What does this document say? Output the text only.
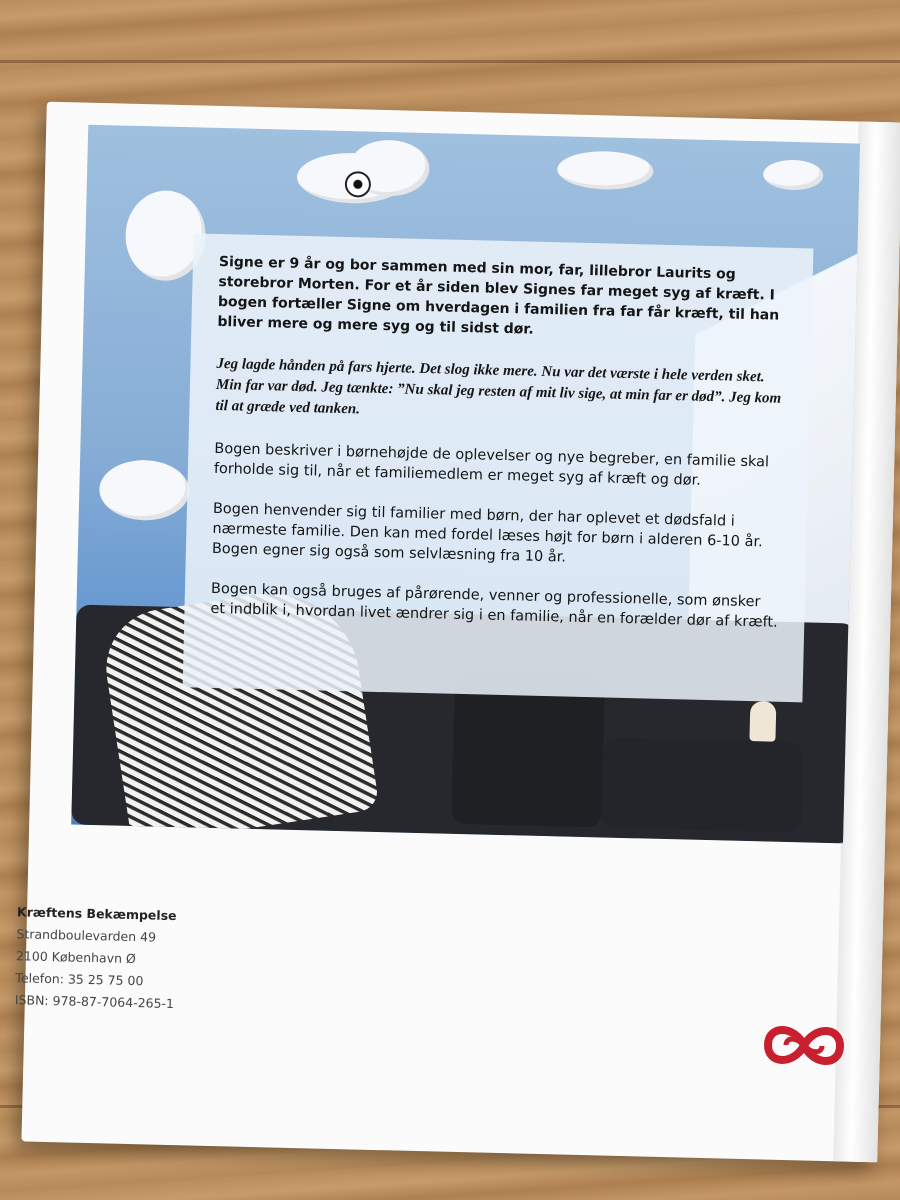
Signe er 9 år og bor sammen med sin mor, far, lillebror Laurits og storebror Morten. For et år siden blev Signes far meget syg af kræft. I bogen fortæller Signe om hverdagen i familien fra far får kræft, til han bliver mere og mere syg og til sidst dør.

Jeg lagde hånden på fars hjerte. Det slog ikke mere. Nu var det værste i hele verden sket. Min far var død. Jeg tænkte: ”Nu skal jeg resten af mit liv sige, at min far er død”. Jeg kom til at græde ved tanken.

Bogen beskriver i børnehøjde de oplevelser og nye begreber, en familie skal forholde sig til, når et familiemedlem er meget syg af kræft og dør.

Bogen henvender sig til familier med børn, der har oplevet et dødsfald i nærmeste familie. Den kan med fordel læses højt for børn i alderen 6-10 år. Bogen egner sig også som selvlæsning fra 10 år.

Bogen kan også bruges af pårørende, venner og professionelle, som ønsker et indblik i, hvordan livet ændrer sig i en familie, når en forælder dør af kræft.

Kræftens Bekæmpelse
Strandboulevarden 49
2100 København Ø
Telefon: 35 25 75 00
ISBN: 978-87-7064-265-1
